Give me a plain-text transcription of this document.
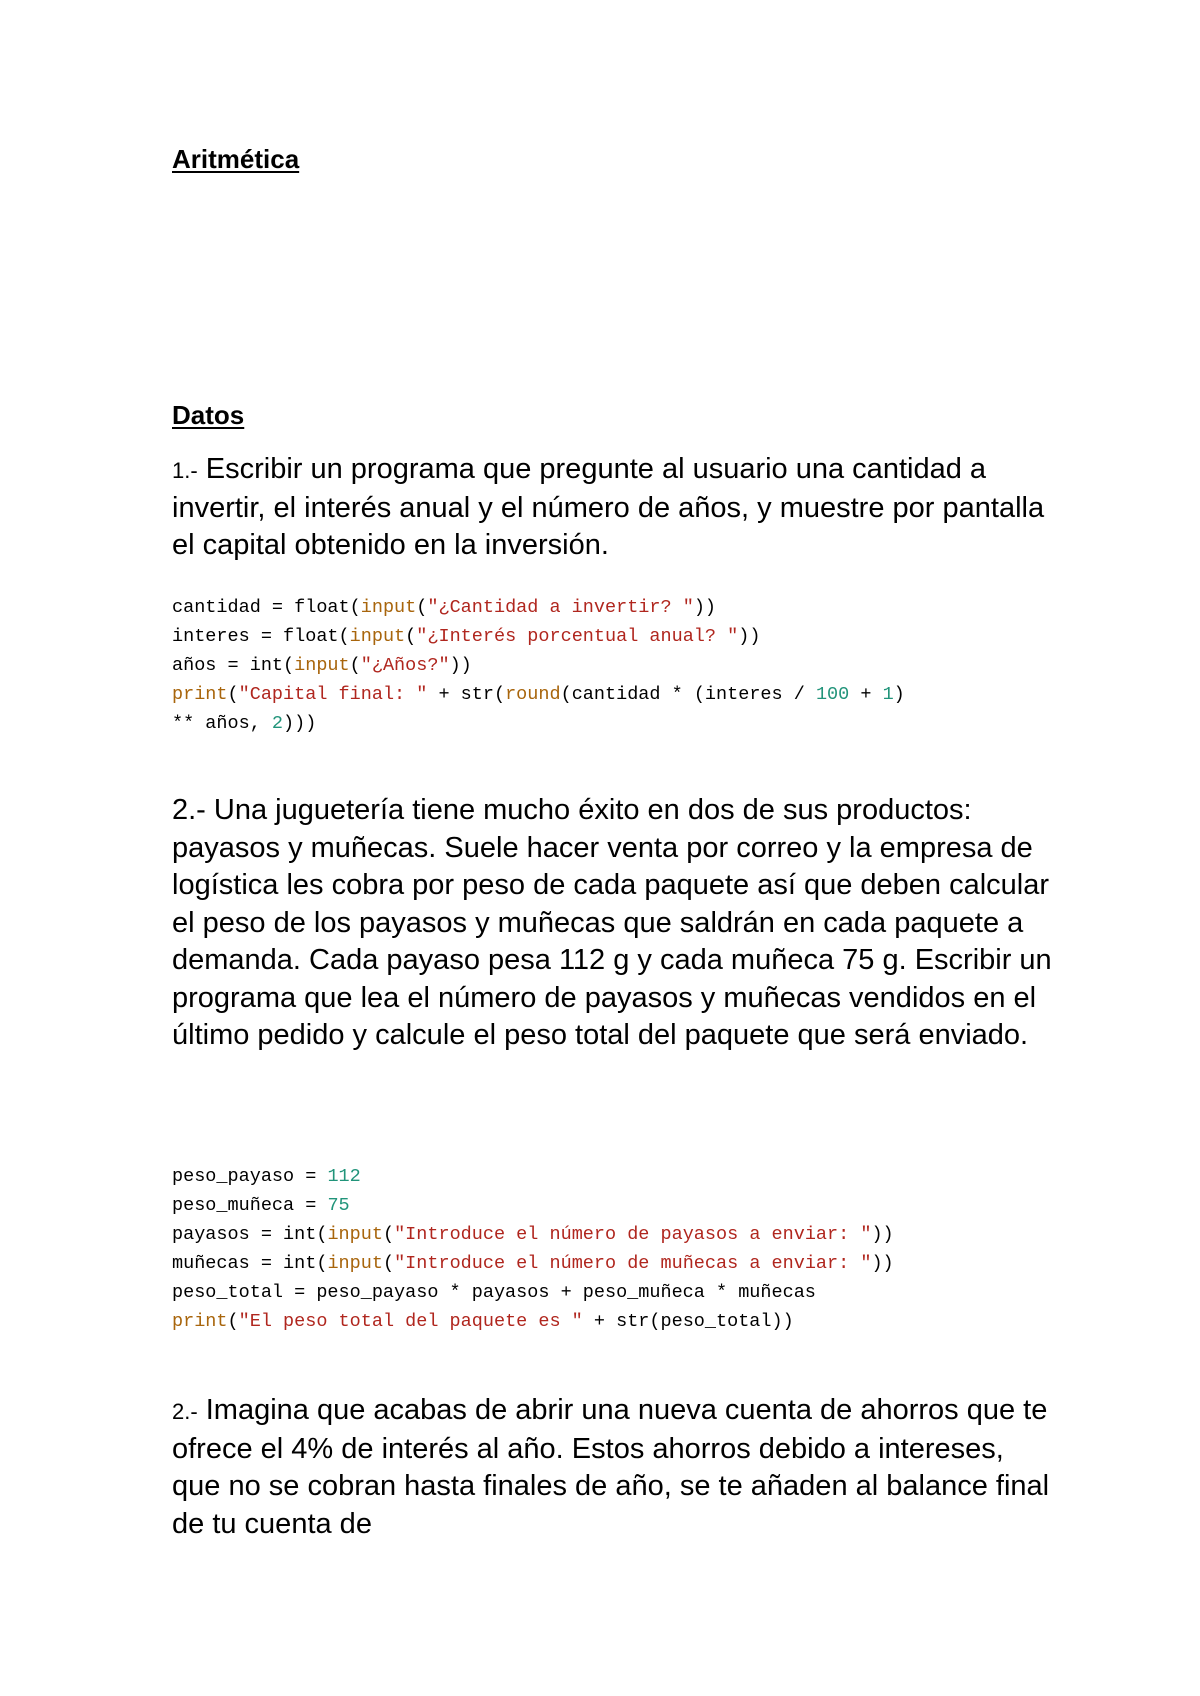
Aritmética
Datos

1.- Escribir un programa que pregunte al usuario una cantidad a invertir, el interés anual y el número de años, y muestre por pantalla el capital obtenido en la inversión.

cantidad = float(input("¿Cantidad a invertir? "))
interes = float(input("¿Interés porcentual anual? "))
años = int(input("¿Años?"))
print("Capital final: " + str(round(cantidad * (interes / 100 + 1)
** años, 2)))

2.- Una juguetería tiene mucho éxito en dos de sus productos: payasos y muñecas. Suele hacer venta por correo y la empresa de logística les cobra por peso de cada paquete así que deben calcular el peso de los payasos y muñecas que saldrán en cada paquete a demanda. Cada payaso pesa 112 g y cada muñeca 75 g. Escribir un programa que lea el número de payasos y muñecas vendidos en el último pedido y calcule el peso total del paquete que será enviado.

peso_payaso = 112
peso_muñeca = 75
payasos = int(input("Introduce el número de payasos a enviar: "))
muñecas = int(input("Introduce el número de muñecas a enviar: "))
peso_total = peso_payaso * payasos + peso_muñeca * muñecas
print("El peso total del paquete es " + str(peso_total))

2.- Imagina que acabas de abrir una nueva cuenta de ahorros que te ofrece el 4% de interés al año. Estos ahorros debido a intereses, que no se cobran hasta finales de año, se te añaden al balance final de tu cuenta de
